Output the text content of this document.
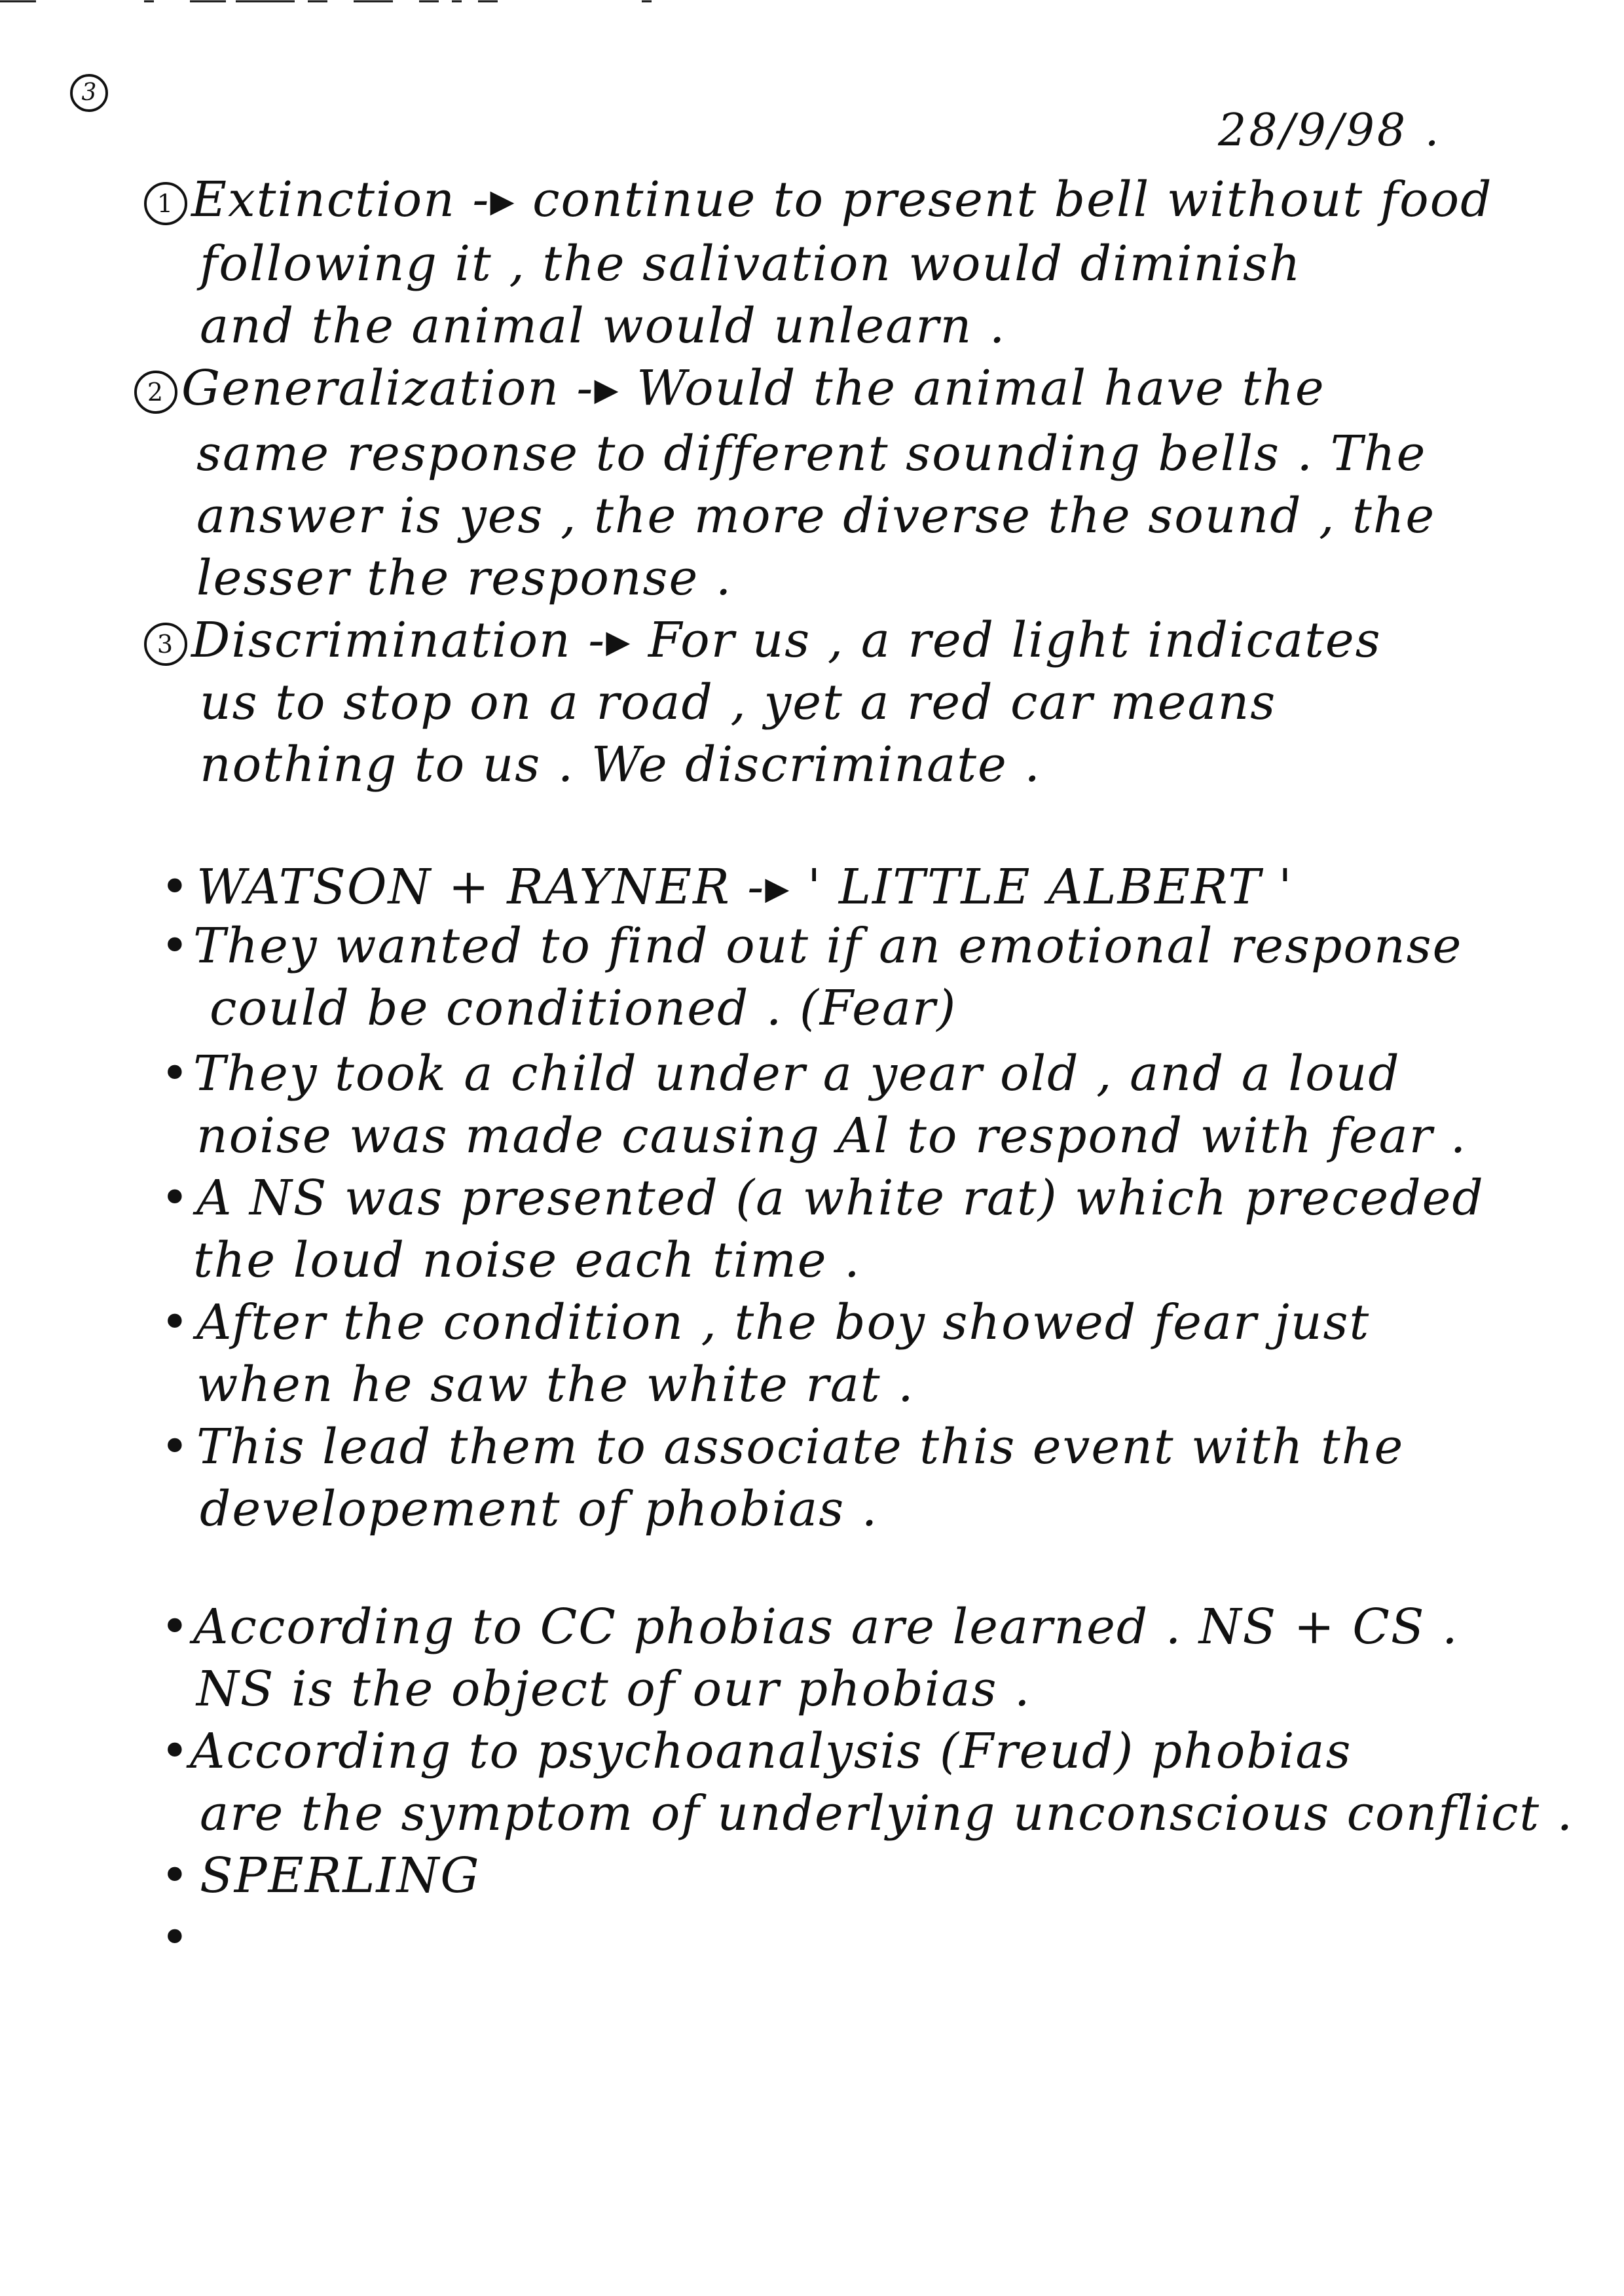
3
28/9/98 .
1 Extinction -▸ continue to present bell without food
following it , the salivation would diminish
and the animal would unlearn .
2 Generalization -▸ Would the animal have the
same response to different sounding bells . The
answer is yes , the more diverse the sound , the
lesser the response .
3 Discrimination -▸ For us , a red light indicates
us to stop on a road , yet a red car means
nothing to us . We discriminate .
• WATSON + RAYNER -▸ ' LITTLE ALBERT '
• They wanted to find out if an emotional response
could be conditioned . (Fear)
• They took a child under a year old , and a loud
noise was made causing Al to respond with fear .
• A NS was presented (a white rat) which preceded
the loud noise each time .
• After the condition , the boy showed fear just
when he saw the white rat .
• This lead them to associate this event with the
developement of phobias .
• According to CC phobias are learned . NS + CS .
NS is the object of our phobias .
• According to psychoanalysis (Freud) phobias
are the symptom of underlying unconscious conflict .
• SPERLING
•
